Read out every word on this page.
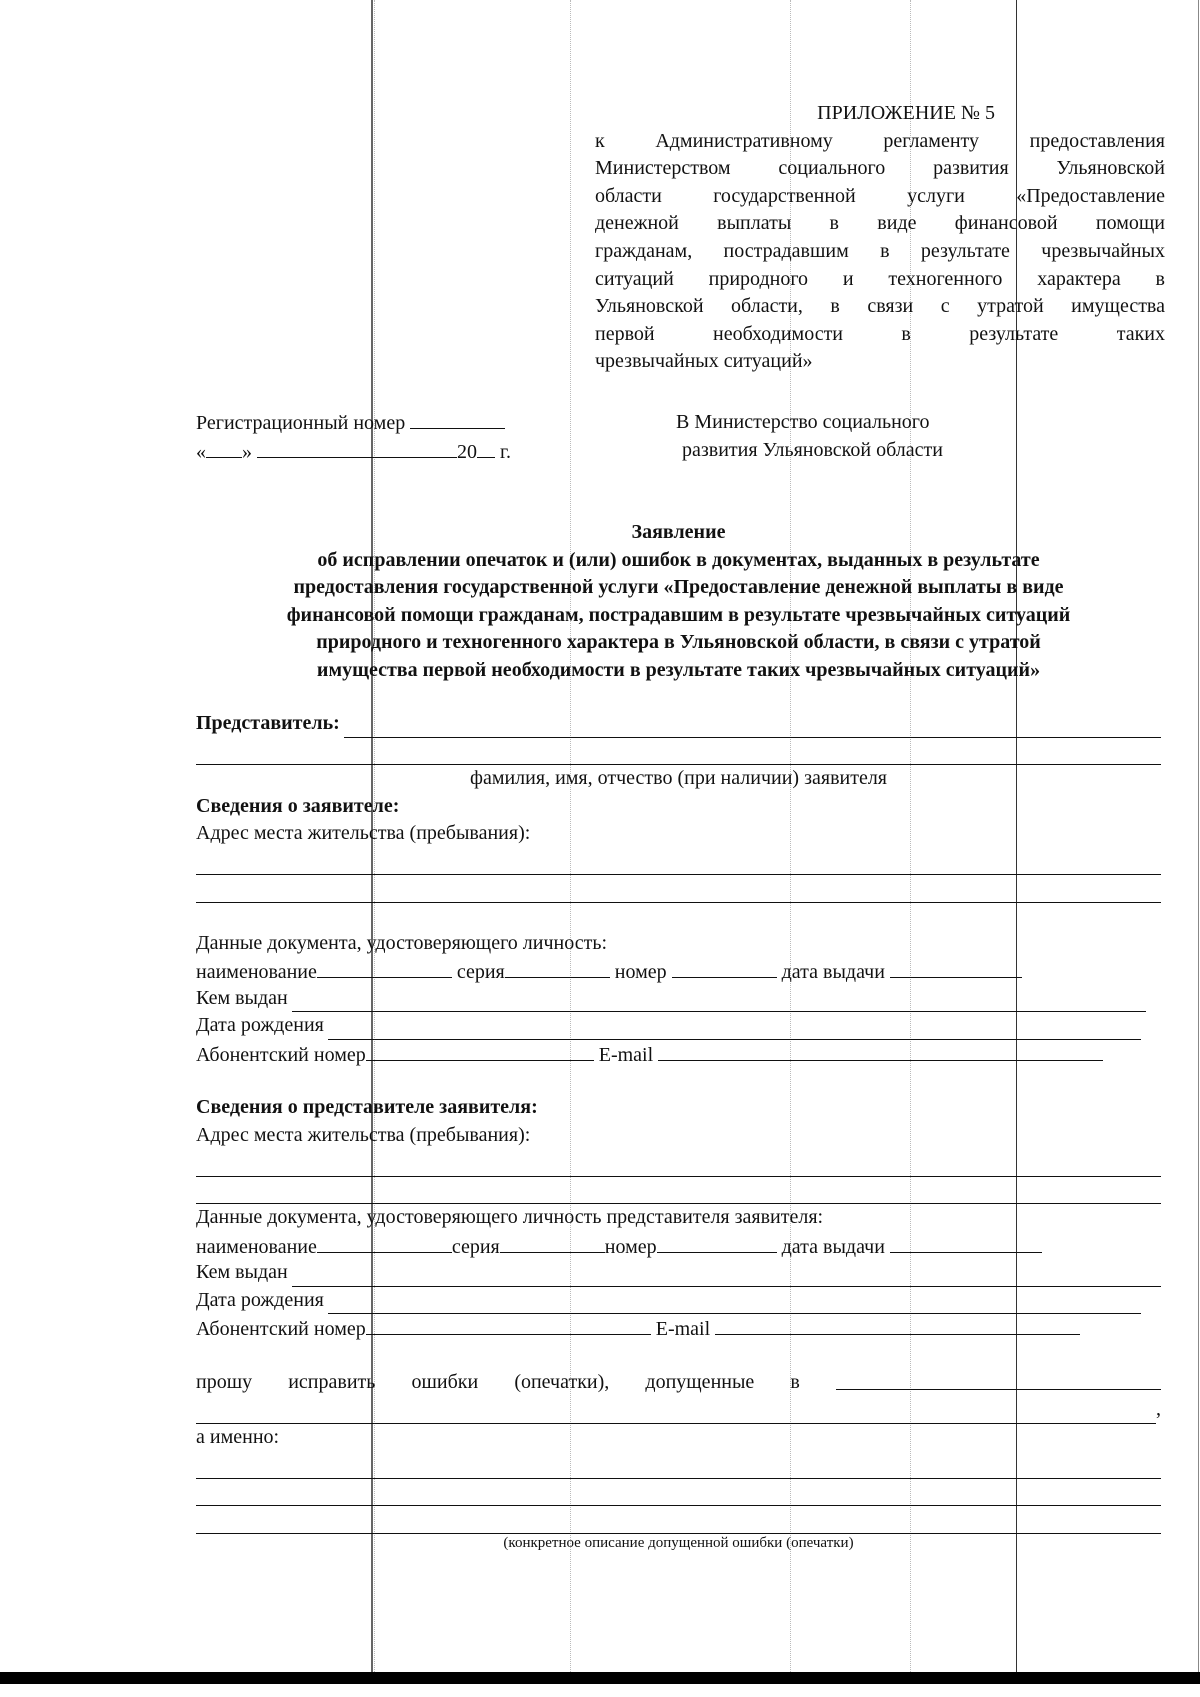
ПРИЛОЖЕНИЕ № 5

к Административному регламенту предоставления

Министерством социального развития Ульяновской

области государственной услуги «Предоставление

денежной выплаты в виде финансовой помощи

гражданам, пострадавшим в результате чрезвычайных

ситуаций природного и техногенного характера в

Ульяновской области, в связи с утратой имущества

первой необходимости в результате таких

чрезвычайных ситуаций»

Регистрационный номер
« »	20 г.
В Министерство социального
развития Ульяновской области
Заявление
об исправлении опечаток и (или) ошибок в документах, выданных в результате
предоставления государственной услуги «Предоставление денежной выплаты в виде
финансовой помощи гражданам, пострадавшим в результате чрезвычайных ситуаций
природного и техногенного характера в Ульяновской области, в связи с утратой
имущества первой необходимости в результате таких чрезвычайных ситуаций»
Представитель:
фамилия, имя, отчество (при наличии) заявителя
Сведения о заявителе:
Адрес места жительства (пребывания):
Данные документа, удостоверяющего личность:
наименование	серия	номер	дата выдачи
Кем выдан
Дата рождения
Абонентский номер	E-mail
Сведения о представителе заявителя:
Адрес места жительства (пребывания):
Данные документа, удостоверяющего личность представителя заявителя:
наименование	серия	номер	дата выдачи
Кем выдан
Дата рождения
Абонентский номер	E-mail
прошу исправить ошибки (опечатки), допущенные в
,
а именно:
(конкретное описание допущенной ошибки (опечатки)
